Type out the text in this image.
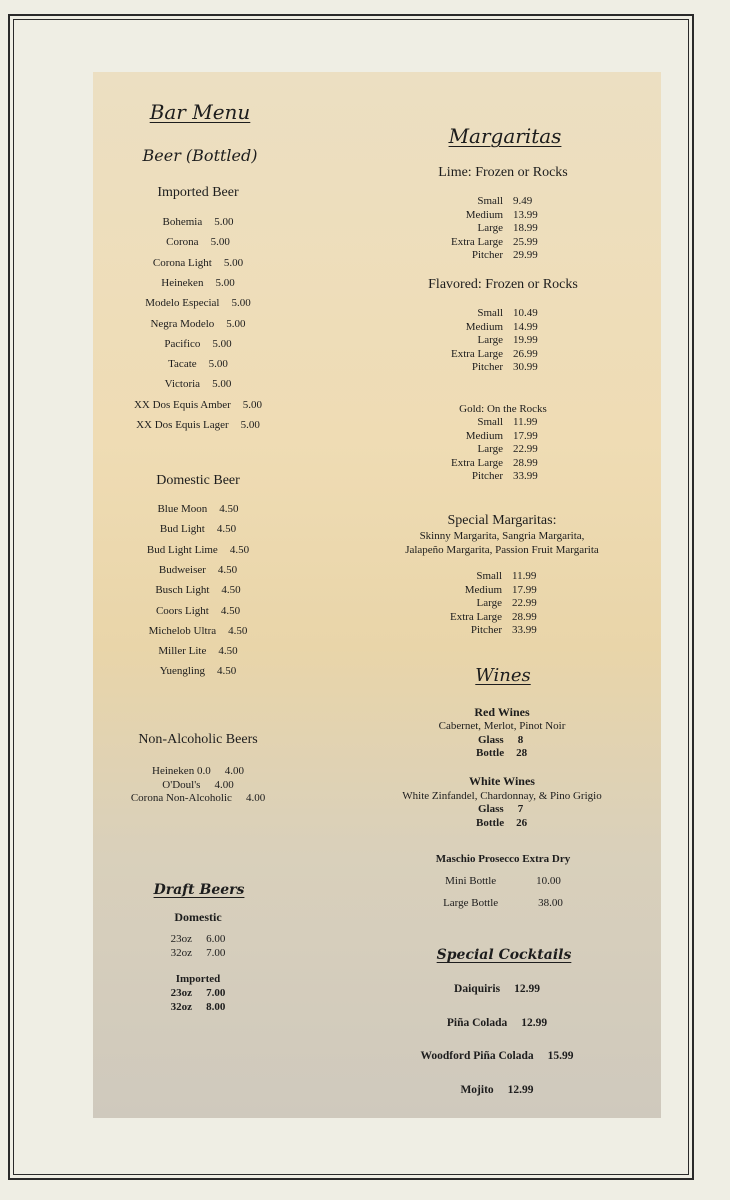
Bar Menu
Beer (Bottled)
Imported Beer
Bohemia 5.00
Corona 5.00
Corona Light 5.00
Heineken 5.00
Modelo Especial 5.00
Negra Modelo 5.00
Pacifico 5.00
Tacate 5.00
Victoria 5.00
XX Dos Equis Amber 5.00
XX Dos Equis Lager 5.00
Domestic Beer
Blue Moon 4.50
Bud Light 4.50
Bud Light Lime 4.50
Budweiser 4.50
Busch Light 4.50
Coors Light 4.50
Michelob Ultra 4.50
Miller Lite 4.50
Yuengling 4.50
Non-Alcoholic Beers
Heineken 0.0 4.00
O'Doul's 4.00
Corona Non-Alcoholic 4.00
Draft Beers
Domestic
23oz 6.00
32oz 7.00
Imported
23oz 7.00
32oz 8.00
Margaritas
Lime: Frozen or Rocks
Small 9.49
Medium 13.99
Large 18.99
Extra Large 25.99
Pitcher 29.99
Flavored: Frozen or Rocks
Small 10.49
Medium 14.99
Large 19.99
Extra Large 26.99
Pitcher 30.99
Gold: On the Rocks
Small 11.99
Medium 17.99
Large 22.99
Extra Large 28.99
Pitcher 33.99
Special Margaritas:
Skinny Margarita, Sangria Margarita,
Jalapeño Margarita, Passion Fruit Margarita
Small 11.99
Medium 17.99
Large 22.99
Extra Large 28.99
Pitcher 33.99
Wines
Red Wines
Cabernet, Merlot, Pinot Noir
Glass 8
Bottle 28
White Wines
White Zinfandel, Chardonnay, & Pino Grigio
Glass 7
Bottle 26
Maschio Prosecco Extra Dry
Mini Bottle	10.00
Large Bottle	38.00
Special Cocktails
Daiquiris 12.99
Piña Colada 12.99
Woodford Piña Colada 15.99
Mojito 12.99
